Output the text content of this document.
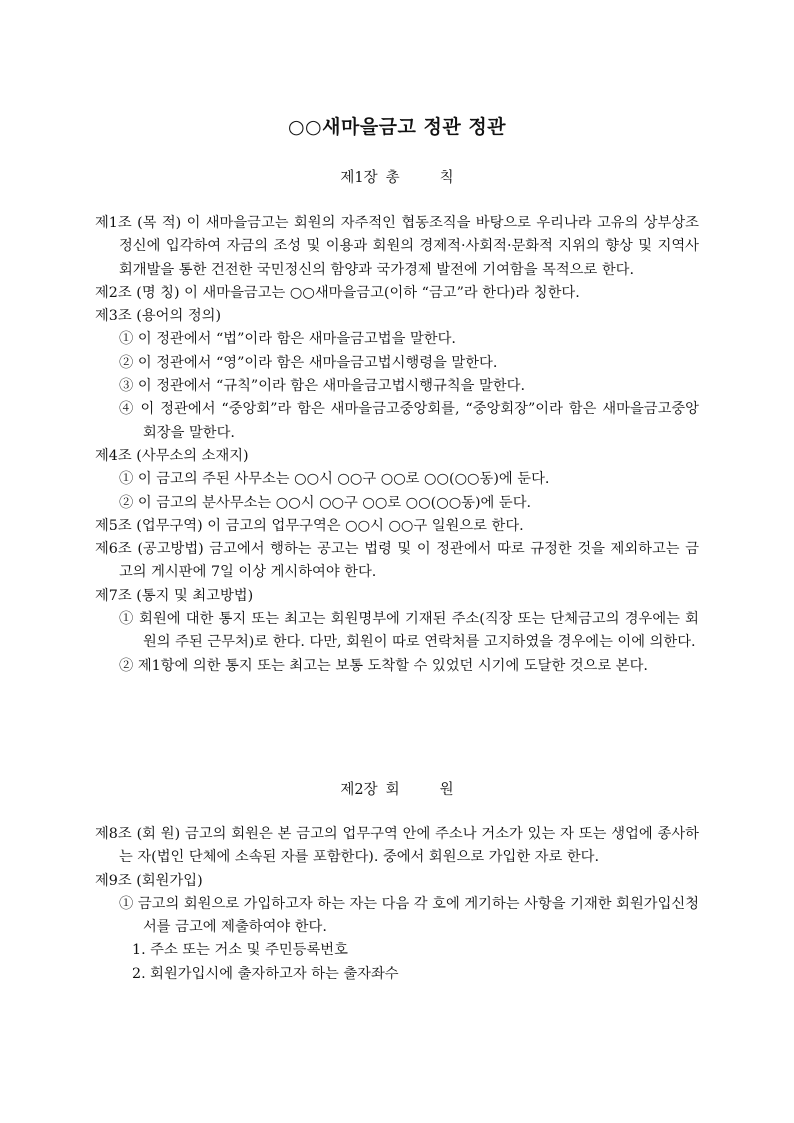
○○새마을금고 정관 정관
제1장 총	칙

제1조 (목 적) 이 새마을금고는 회원의 자주적인 협동조직을 바탕으로 우리나라 고유의 상부상조 정신에 입각하여 자금의 조성 및 이용과 회원의 경제적·사회적·문화적 지위의 향상 및 지역사회개발을 통한 건전한 국민정신의 함양과 국가경제 발전에 기여함을 목적으로 한다.

제2조 (명 칭) 이 새마을금고는 ○○새마을금고(이하 “금고”라 한다)라 칭한다.

제3조 (용어의 정의)

① 이 정관에서 “법”이라 함은 새마을금고법을 말한다.

② 이 정관에서 “영”이라 함은 새마을금고법시행령을 말한다.

③ 이 정관에서 “규칙”이라 함은 새마을금고법시행규칙을 말한다.

④ 이 정관에서 “중앙회”라 함은 새마을금고중앙회를, “중앙회장”이라 함은 새마을금고중앙회장을 말한다.

제4조 (사무소의 소재지)

① 이 금고의 주된 사무소는 ○○시 ○○구 ○○로 ○○(○○동)에 둔다.

② 이 금고의 분사무소는 ○○시 ○○구 ○○로 ○○(○○동)에 둔다.

제5조 (업무구역) 이 금고의 업무구역은 ○○시 ○○구 일원으로 한다.

제6조 (공고방법) 금고에서 행하는 공고는 법령 및 이 정관에서 따로 규정한 것을 제외하고는 금고의 게시판에 7일 이상 게시하여야 한다.

제7조 (통지 및 최고방법)

① 회원에 대한 통지 또는 최고는 회원명부에 기재된 주소(직장 또는 단체금고의 경우에는 회원의 주된 근무처)로 한다. 다만, 회원이 따로 연락처를 고지하였을 경우에는 이에 의한다.

② 제1항에 의한 통지 또는 최고는 보통 도착할 수 있었던 시기에 도달한 것으로 본다.

제2장 회	원

제8조 (회 원) 금고의 회원은 본 금고의 업무구역 안에 주소나 거소가 있는 자 또는 생업에 종사하는 자(법인 단체에 소속된 자를 포함한다). 중에서 회원으로 가입한 자로 한다.

제9조 (회원가입)

① 금고의 회원으로 가입하고자 하는 자는 다음 각 호에 게기하는 사항을 기재한 회원가입신청서를 금고에 제출하여야 한다.

1. 주소 또는 거소 및 주민등록번호

2. 회원가입시에 출자하고자 하는 출자좌수
